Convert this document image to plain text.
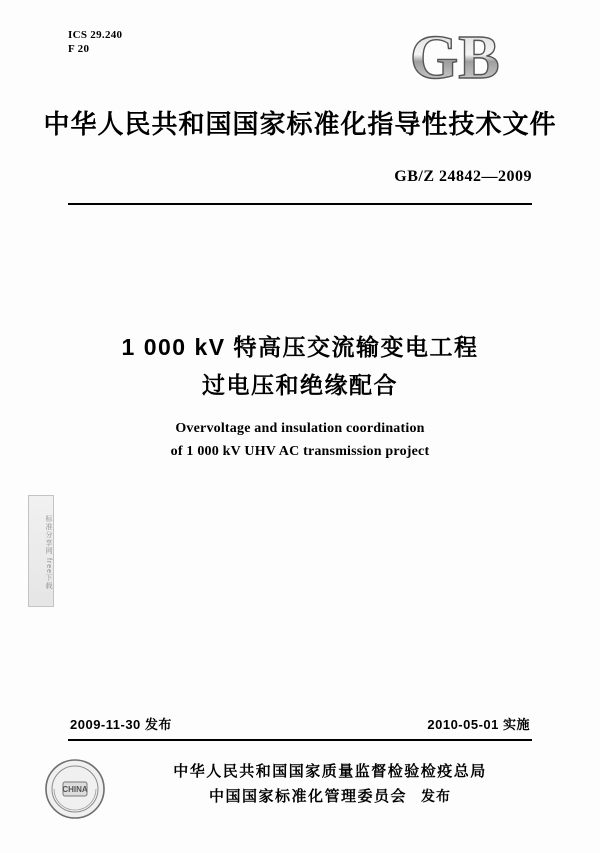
ICS 29.240
F 20	GB
中华人民共和国国家标准化指导性技术文件
GB/Z 24842—2009
1 000 kV 特高压交流输变电工程
过电压和绝缘配合
Overvoltage and insulation coordination
of 1 000 kV UHV AC transmission project
标准分享网 free下载
2009-11-30 发布	2010-05-01 实施
CHINA
中华人民共和国国家质量监督检验检疫总局
中国国家标准化管理委员会 发布
